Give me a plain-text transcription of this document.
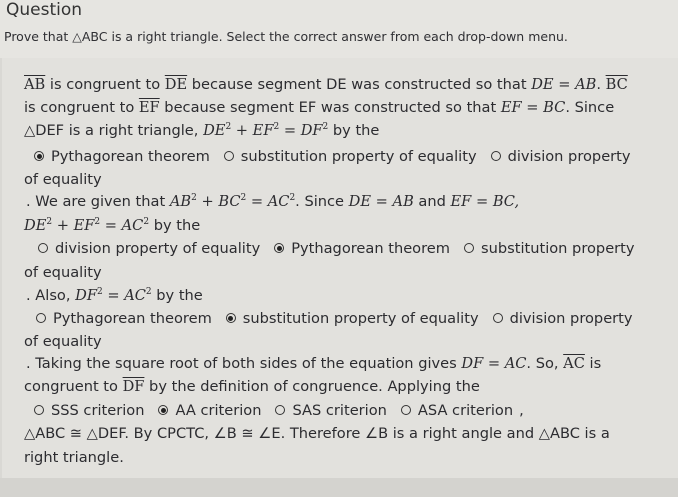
Question
Prove that △ABC is a right triangle. Select the correct answer from each drop-down menu.
$\overline{AB}$ is congruent to $\overline{DE}$ because segment DE was constructed so that DE = AB. $\overline{BC}$
is congruent to $\overline{EF}$ because segment EF was constructed so that EF = BC. Since
△DEF is a right triangle, $DE^2 + EF^2 = DF^2$ by the
Pythagorean theorem substitution property of equality division property
of equality
. We are given that $AB^2 + BC^2 = AC^2$. Since DE = AB and EF = BC,
$DE^2 + EF^2 = AC^2$ by the
division property of equality Pythagorean theorem substitution property
of equality
. Also, $DF^2 = AC^2$ by the
Pythagorean theorem substitution property of equality division property
of equality
. Taking the square root of both sides of the equation gives DF = AC. So, $\overline{AC}$ is
congruent to $\overline{DF}$ by the definition of congruence. Applying the
SSS criterion AA criterion SAS criterion ASA criterion ,
△ABC ≅ △DEF. By CPCTC, ∠B ≅ ∠E. Therefore ∠B is a right angle and △ABC is a
right triangle.
